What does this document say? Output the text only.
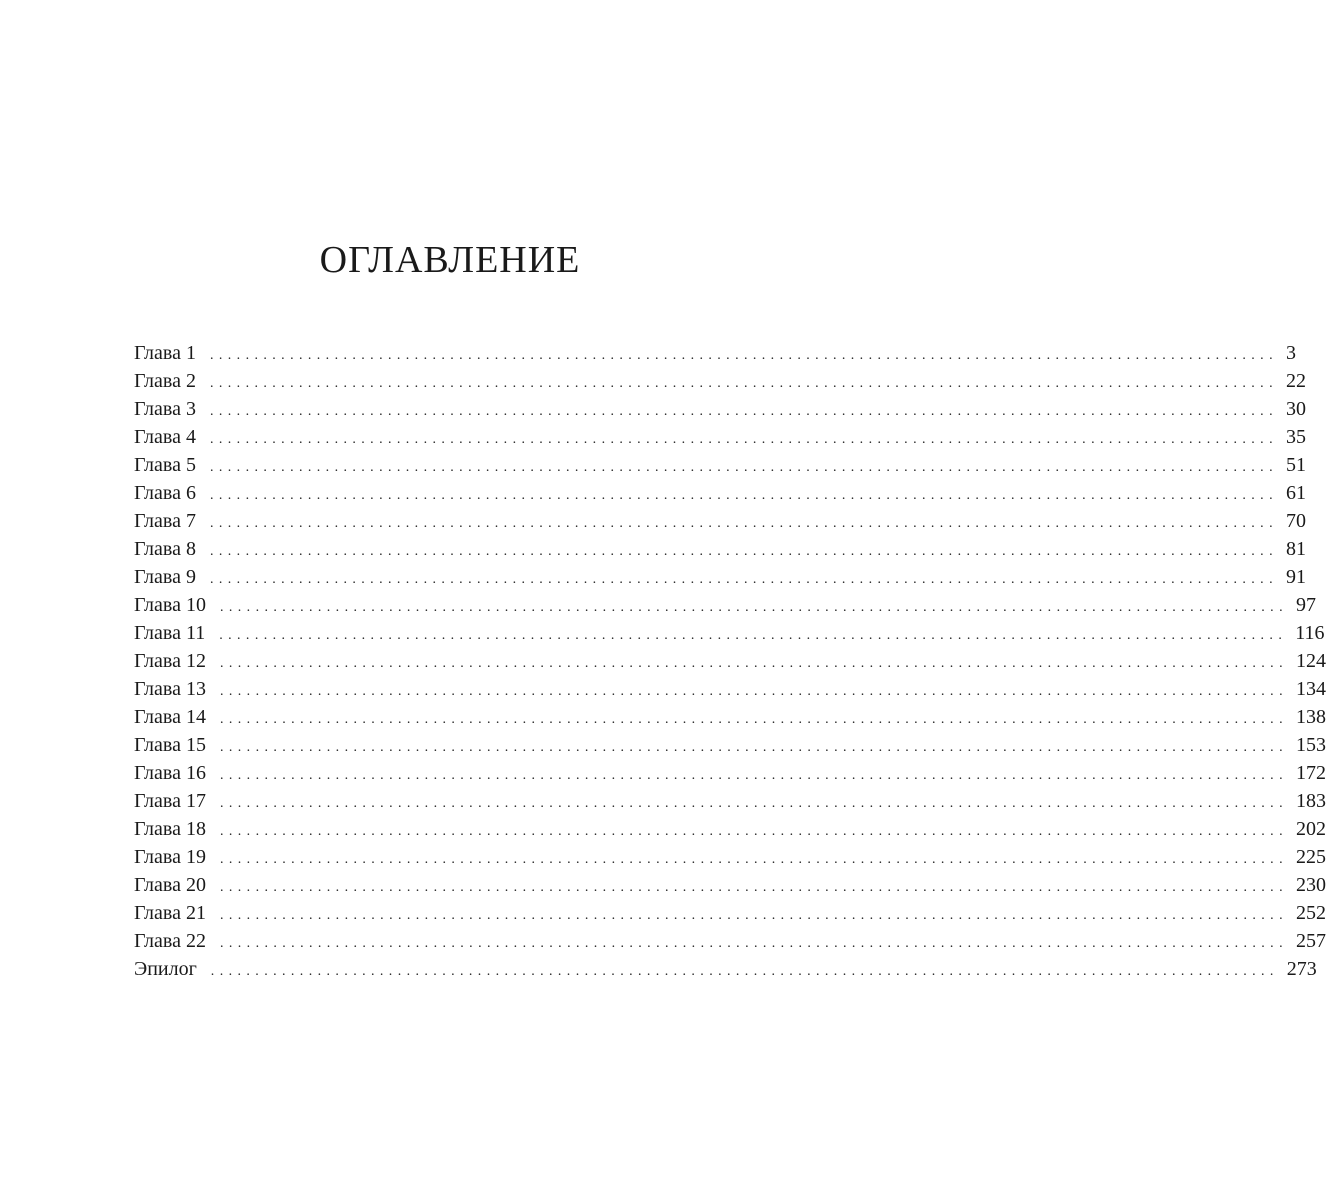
ОГЛАВЛЕНИЕ
Глава 1 ........................................................................................................................ 3
Глава 2 ........................................................................................................................ 22
Глава 3 ........................................................................................................................ 30
Глава 4 ........................................................................................................................ 35
Глава 5 ........................................................................................................................ 51
Глава 6 ........................................................................................................................ 61
Глава 7 ........................................................................................................................ 70
Глава 8 ........................................................................................................................ 81
Глава 9 ........................................................................................................................ 91
Глава 10 ........................................................................................................................ 97
Глава 11 ........................................................................................................................ 116
Глава 12 ........................................................................................................................ 124
Глава 13 ........................................................................................................................ 134
Глава 14 ........................................................................................................................ 138
Глава 15 ........................................................................................................................ 153
Глава 16 ........................................................................................................................ 172
Глава 17 ........................................................................................................................ 183
Глава 18 ........................................................................................................................ 202
Глава 19 ........................................................................................................................ 225
Глава 20 ........................................................................................................................ 230
Глава 21 ........................................................................................................................ 252
Глава 22 ........................................................................................................................ 257
Эпилог ........................................................................................................................ 273
